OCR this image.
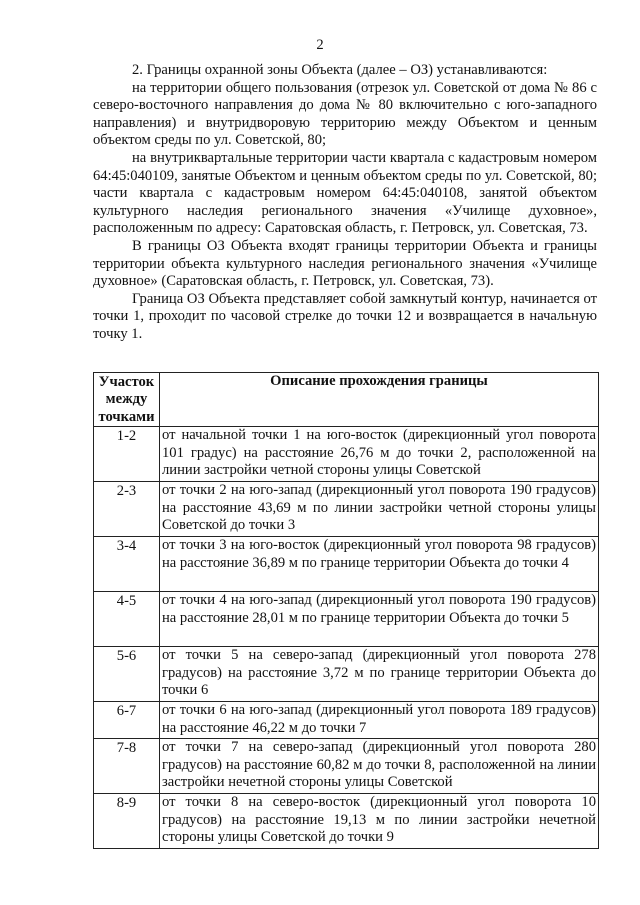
2

2. Границы охранной зоны Объекта (далее – ОЗ) устанавливаются:

на территории общего пользования (отрезок ул. Советской от дома № 86 с северо-восточного направления до дома № 80 включительно с юго-западного направления) и внутридворовую территорию между Объектом и ценным объектом среды по ул. Советской, 80;

на внутриквартальные территории части квартала с кадастровым номером 64:45:040109, занятые Объектом и ценным объектом среды по ул. Советской, 80; части квартала с кадастровым номером 64:45:040108, занятой объектом культурного наследия регионального значения «Училище духовное», расположенным по адресу: Саратовская область, г. Петровск, ул. Советская, 73.

В границы ОЗ Объекта входят границы территории Объекта и границы территории объекта культурного наследия регионального значения «Училище духовное» (Саратовская область, г. Петровск, ул. Советская, 73).

Граница ОЗ Объекта представляет собой замкнутый контур, начинается от точки 1, проходит по часовой стрелке до точки 12 и возвращается в начальную точку 1.

Участок между точками	Описание прохождения границы
1-2	от начальной точки 1 на юго-восток (дирекционный угол поворота 101 градус) на расстояние 26,76 м до точки 2, расположенной на линии застройки четной стороны улицы Советской
2-3	от точки 2 на юго-запад (дирекционный угол поворота 190 градусов) на расстояние 43,69 м по линии застройки четной стороны улицы Советской до точки 3
3-4	от точки 3 на юго-восток (дирекционный угол поворота 98 градусов) на расстояние 36,89 м по границе территории Объекта до точки 4
4-5	от точки 4 на юго-запад (дирекционный угол поворота 190 градусов) на расстояние 28,01 м по границе территории Объекта до точки 5
5-6	от точки 5 на северо-запад (дирекционный угол поворота 278 градусов) на расстояние 3,72 м по границе территории Объекта до точки 6
6-7	от точки 6 на юго-запад (дирекционный угол поворота 189 градусов) на расстояние 46,22 м до точки 7
7-8	от точки 7 на северо-запад (дирекционный угол поворота 280 градусов) на расстояние 60,82 м до точки 8, расположенной на линии застройки нечетной стороны улицы Советской
8-9	от точки 8 на северо-восток (дирекционный угол поворота 10 градусов) на расстояние 19,13 м по линии застройки нечетной стороны улицы Советской до точки 9
